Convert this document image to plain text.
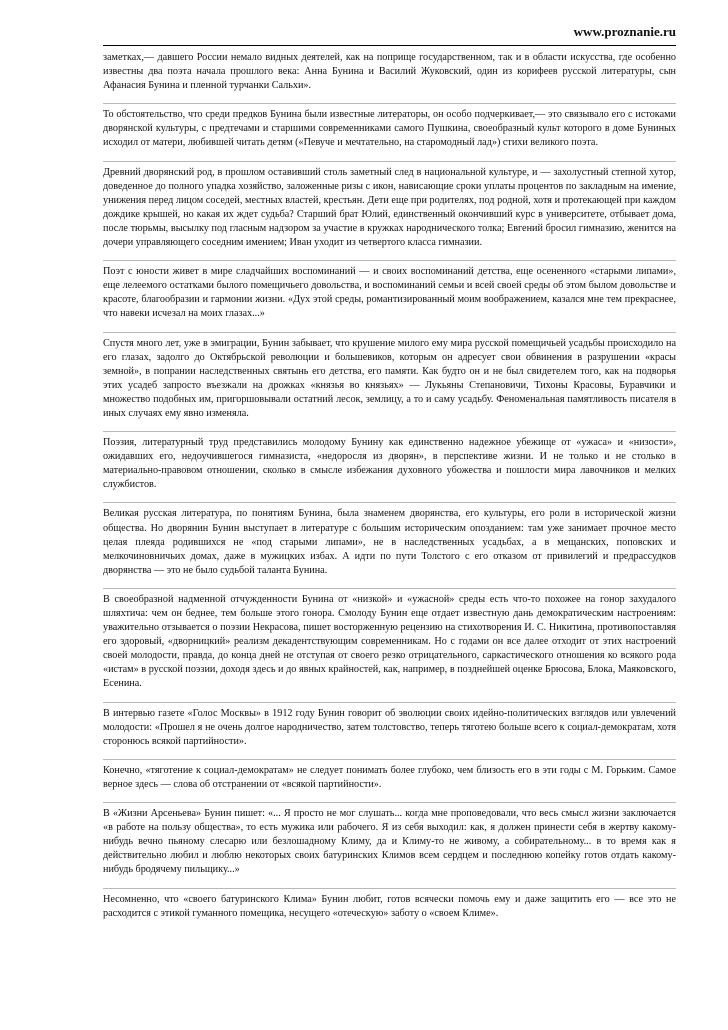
www.proznanie.ru

заметках,— давшего России немало видных деятелей, как на поприще государственном, так и в области искусства, где особенно известны два поэта начала прошлого века: Анна Бунина и Василий Жуковский, один из корифеев русской литературы, сын Афанасия Бунина и пленной турчанки Сальхи».

То обстоятельство, что среди предков Бунина были известные литераторы, он особо подчеркивает,— это связывало его с истоками дворянской культуры, с предтечами и старшими современниками самого Пушкина, своеобразный культ которого в доме Буниных исходил от матери, любившей читать детям («Певуче и мечтательно, на старомодный лад») стихи великого поэта.

Древний дворянский род, в прошлом оставивший столь заметный след в национальной культуре, и — захолустный степной хутор, доведенное до полного упадка хозяйство, заложенные ризы с икон, нависающие сроки уплаты процентов по закладным на имение, унижения перед лицом соседей, местных властей, крестьян. Дети еще при родителях, под родной, хотя и протекающей при каждом дождике крышей, но какая их ждет судьба? Старший брат Юлий, единственный окончивший курс в университете, отбывает дома, после тюрьмы, высылку под гласным надзором за участие в кружках народнического толка; Евгений бросил гимназию, женится на дочери управляющего соседним имением; Иван уходит из четвертого класса гимназии.

Поэт с юности живет в мире сладчайших воспоминаний — и своих воспоминаний детства, еще осененного «старыми липами», еще лелеемого остатками былого помещичьего довольства, и воспоминаний семьи и всей своей среды об этом былом довольстве и красоте, благообразии и гармонии жизни. «Дух этой среды, романтизированный моим воображением, казался мне тем прекраснее, что навеки исчезал на моих глазах...»

Спустя много лет, уже в эмиграции, Бунин забывает, что крушение милого ему мира русской помещичьей усадьбы происходило на его глазах, задолго до Октябрьской революции и большевиков, которым он адресует свои обвинения в разрушении «красы земной», в попрании наследственных святынь его детства, его памяти. Как будто он и не был свидетелем того, как на подворья этих усадеб запросто въезжали на дрожках «князья во князьях» — Лукьяны Степановичи, Тихоны Красовы, Буравчики и множество подобных им, пригоршовывали остатний лесок, землицу, а то и саму усадьбу. Феноменальная памятливость писателя в иных случаях ему явно изменяла.

Поэзия, литературный труд представились молодому Бунину как единственно надежное убежище от «ужаса» и «низости», ожидавших его, недоучившегося гимназиста, «недоросля из дворян», в перспективе жизни. И не только и не столько в материально-правовом отношении, сколько в смысле избежания духовного убожества и пошлости мира лавочников и мелких службистов.

Великая русская литература, по понятиям Бунина, была знаменем дворянства, его культуры, его роли в исторической жизни общества. Но дворянин Бунин выступает в литературе с большим историческим опозданием: там уже занимает прочное место целая плеяда родившихся не «под старыми липами», не в наследственных усадьбах, а в мещанских, поповских и мелкочиновничьих домах, даже в мужицких избах. А идти по пути Толстого с его отказом от привилегий и предрассудков дворянства — это не было судьбой таланта Бунина.

В своеобразной надменной отчужденности Бунина от «низкой» и «ужасной» среды есть что-то похожее на гонор захудалого шляхтича: чем он беднее, тем больше этого гонора. Смолоду Бунин еще отдает известную дань демократическим настроениям: уважительно отзывается о поэзии Некрасова, пишет восторженную рецензию на стихотворения И. С. Никитина, противопоставляя его здоровый, «дворницкий» реализм декадентствующим современникам. Но с годами он все далее отходит от этих настроений своей молодости, правда, до конца дней не отступая от своего резко отрицательного, саркастического отношения ко всякого рода «истам» в русской поэзии, доходя здесь и до явных крайностей, как, например, в позднейшей оценке Брюсова, Блока, Маяковского, Есенина.

В интервью газете «Голос Москвы» в 1912 году Бунин говорит об эволюции своих идейно-политических взглядов или увлечений молодости: «Прошел я не очень долгое народничество, затем толстовство, теперь тяготею больше всего к социал-демократам, хотя сторонюсь всякой партийности».

Конечно, «тяготение к социал-демократам» не следует понимать более глубоко, чем близость его в эти годы с М. Горьким. Самое верное здесь — слова об отстранении от «всякой партийности».

В «Жизни Арсеньева» Бунин пишет: «... Я просто не мог слушать... когда мне проповедовали, что весь смысл жизни заключается «в работе на пользу общества», то есть мужика или рабочего. Я из себя выходил: как, я должен принести себя в жертву какому-нибудь вечно пьяному слесарю или безлошадному Климу, да и Климу-то не живому, а собирательному... в то время как я действительно любил и люблю некоторых своих батуринских Климов всем сердцем и последнюю копейку готов отдать какому-нибудь бродячему пильщику...»

Несомненно, что «своего батуринского Клима» Бунин любит, готов всячески помочь ему и даже защитить его — все это не расходится с этикой гуманного помещика, несущего «отеческую» заботу о «своем Климе».
